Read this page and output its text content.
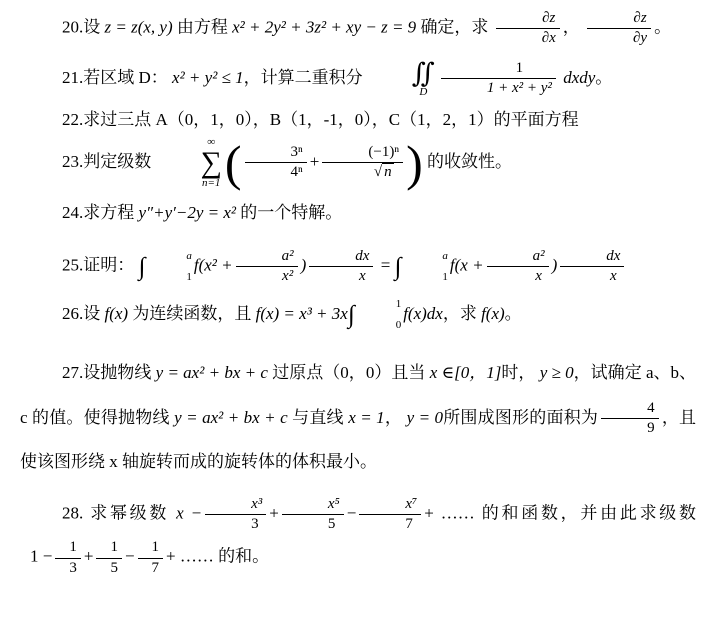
20.设 z = z(x, y) 由方程 x² + 2y² + 3z² + xy − z = 9 确定，求 $\frac{\partial z}{\partial x}$ ， $\frac{\partial z}{\partial y}$ 。

21.若区域 D： x² + y² ≤ 1，计算二重积分	∬
D $\frac{1}{\text{1 + x² + y²}}$ dxdy。

22.求过三点 A（0，1，0），B（1，-1，0），C（1，2，1）的平面方程

23.判定级数
∞
∑
n=1 ( $\frac{\text{3ⁿ}}{\text{4ⁿ}} + \frac{\text{(−1)ⁿ}}{√ n}$ ) 的收敛性。

24.求方程 y″+y′−2y = x² 的一个特解。

25.证明： ∫	a
1
$f(x^2 + \frac{\text{a²}}{\text{x²}}$ ) $\frac{dx}{x}$ = ∫	a
1
$f(x + \frac{\text{a²}}{x}$ ) $\frac{dx}{x}$

26.设 f(x) 为连续函数，且 f(x) = x³ + 3x∫	1
0
f(x)dx，求 f(x)。

27.设抛物线 y = ax² + bx + c 过原点（0，0）且当 x ∈[0，1]时， y ≥ 0，试确定 a、b、c 的值。使得抛物线 y = ax² + bx + c 与直线 x = 1， y = 0所围成图形的面积为 $\frac{4}{9}$ ，且使该图形绕 x 轴旋转而成的旋转体的体积最小。

28. 求幂级数 $x - \frac{\text{x³}}{3} + \frac{\text{x⁵}}{5} - \frac{\text{x⁷}}{7}$ + …… 的和函数，并由此求级数

$1 - \frac{1}{3} + \frac{1}{5} - \frac{1}{7}$ + …… 的和。
